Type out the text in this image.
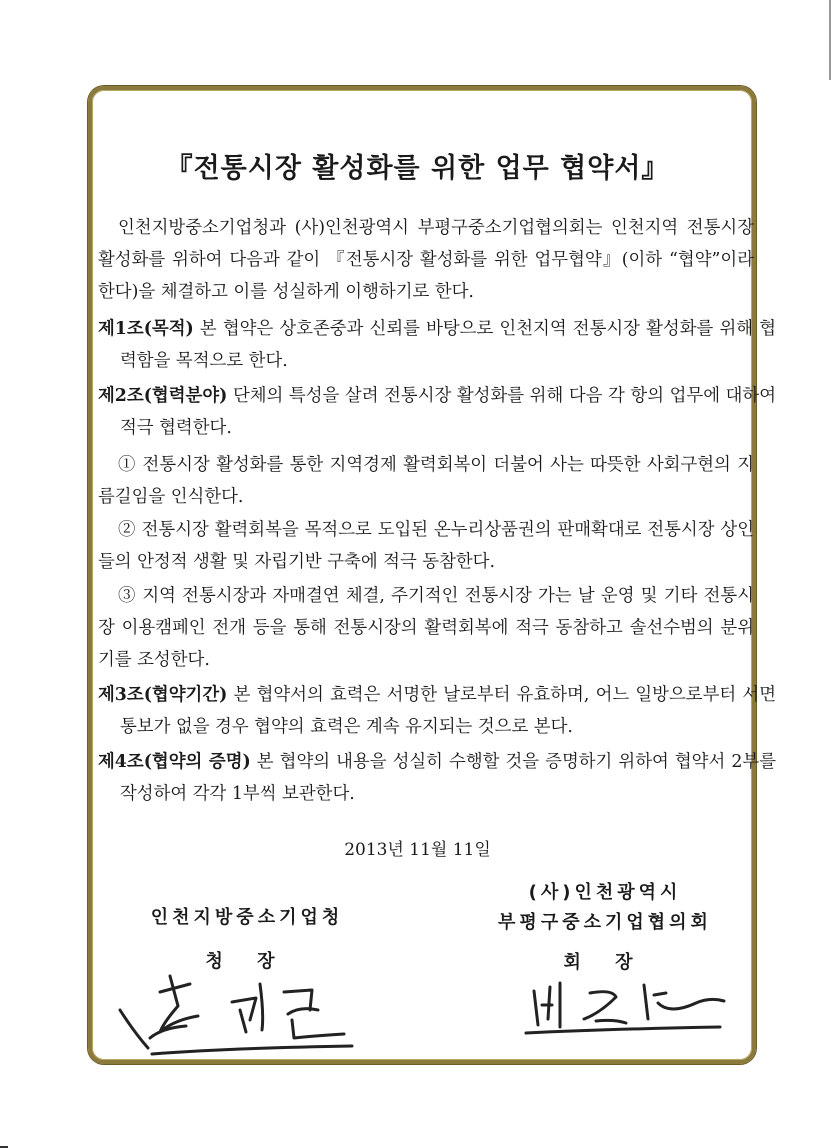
『전통시장 활성화를 위한 업무 협약서』
인천지방중소기업청과 (사)인천광역시 부평구중소기업협의회는 인천지역 전통시장 활성화를 위하여 다음과 같이 『전통시장 활성화를 위한 업무협약』(이하 “협약”이라 한다)을 체결하고 이를 성실하게 이행하기로 한다.
제1조(목적) 본 협약은 상호존중과 신뢰를 바탕으로 인천지역 전통시장 활성화를 위해 협력함을 목적으로 한다.
제2조(협력분야) 단체의 특성을 살려 전통시장 활성화를 위해 다음 각 항의 업무에 대하여 적극 협력한다.
① 전통시장 활성화를 통한 지역경제 활력회복이 더불어 사는 따뜻한 사회구현의 지름길임을 인식한다.
② 전통시장 활력회복을 목적으로 도입된 온누리상품권의 판매확대로 전통시장 상인들의 안정적 생활 및 자립기반 구축에 적극 동참한다.
③ 지역 전통시장과 자매결연 체결, 주기적인 전통시장 가는 날 운영 및 기타 전통시장 이용캠페인 전개 등을 통해 전통시장의 활력회복에 적극 동참하고 솔선수범의 분위기를 조성한다.
제3조(협약기간) 본 협약서의 효력은 서명한 날로부터 유효하며, 어느 일방으로부터 서면통보가 없을 경우 협약의 효력은 계속 유지되는 것으로 본다.
제4조(협약의 증명) 본 협약의 내용을 성실히 수행할 것을 증명하기 위하여 협약서 2부를 작성하여 각각 1부씩 보관한다.
2013년 11월 11일
인천지방중소기업청
청 장
(사)인천광역시
부평구중소기업협의회
회 장
